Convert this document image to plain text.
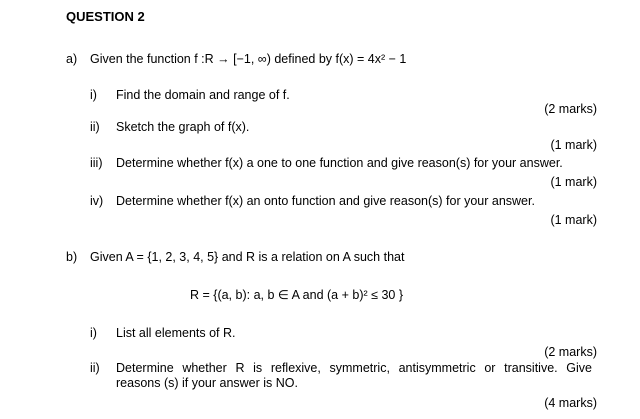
QUESTION 2
a) Given the function f :R → [−1, ∞) defined by f(x) = 4x² − 1
i) Find the domain and range of f.
(2 marks)
ii) Sketch the graph of f(x).
(1 mark)
iii) Determine whether f(x) a one to one function and give reason(s) for your answer.
(1 mark)
iv) Determine whether f(x) an onto function and give reason(s) for your answer.
(1 mark)
b) Given A = {1, 2, 3, 4, 5} and R is a relation on A such that
R = {(a, b): a, b ∈ A and (a + b)² ≤ 30 }
i) List all elements of R.
(2 marks)
ii) Determine whether R is reflexive, symmetric, antisymmetric or transitive. Give reasons (s) if your answer is NO.
(4 marks)
